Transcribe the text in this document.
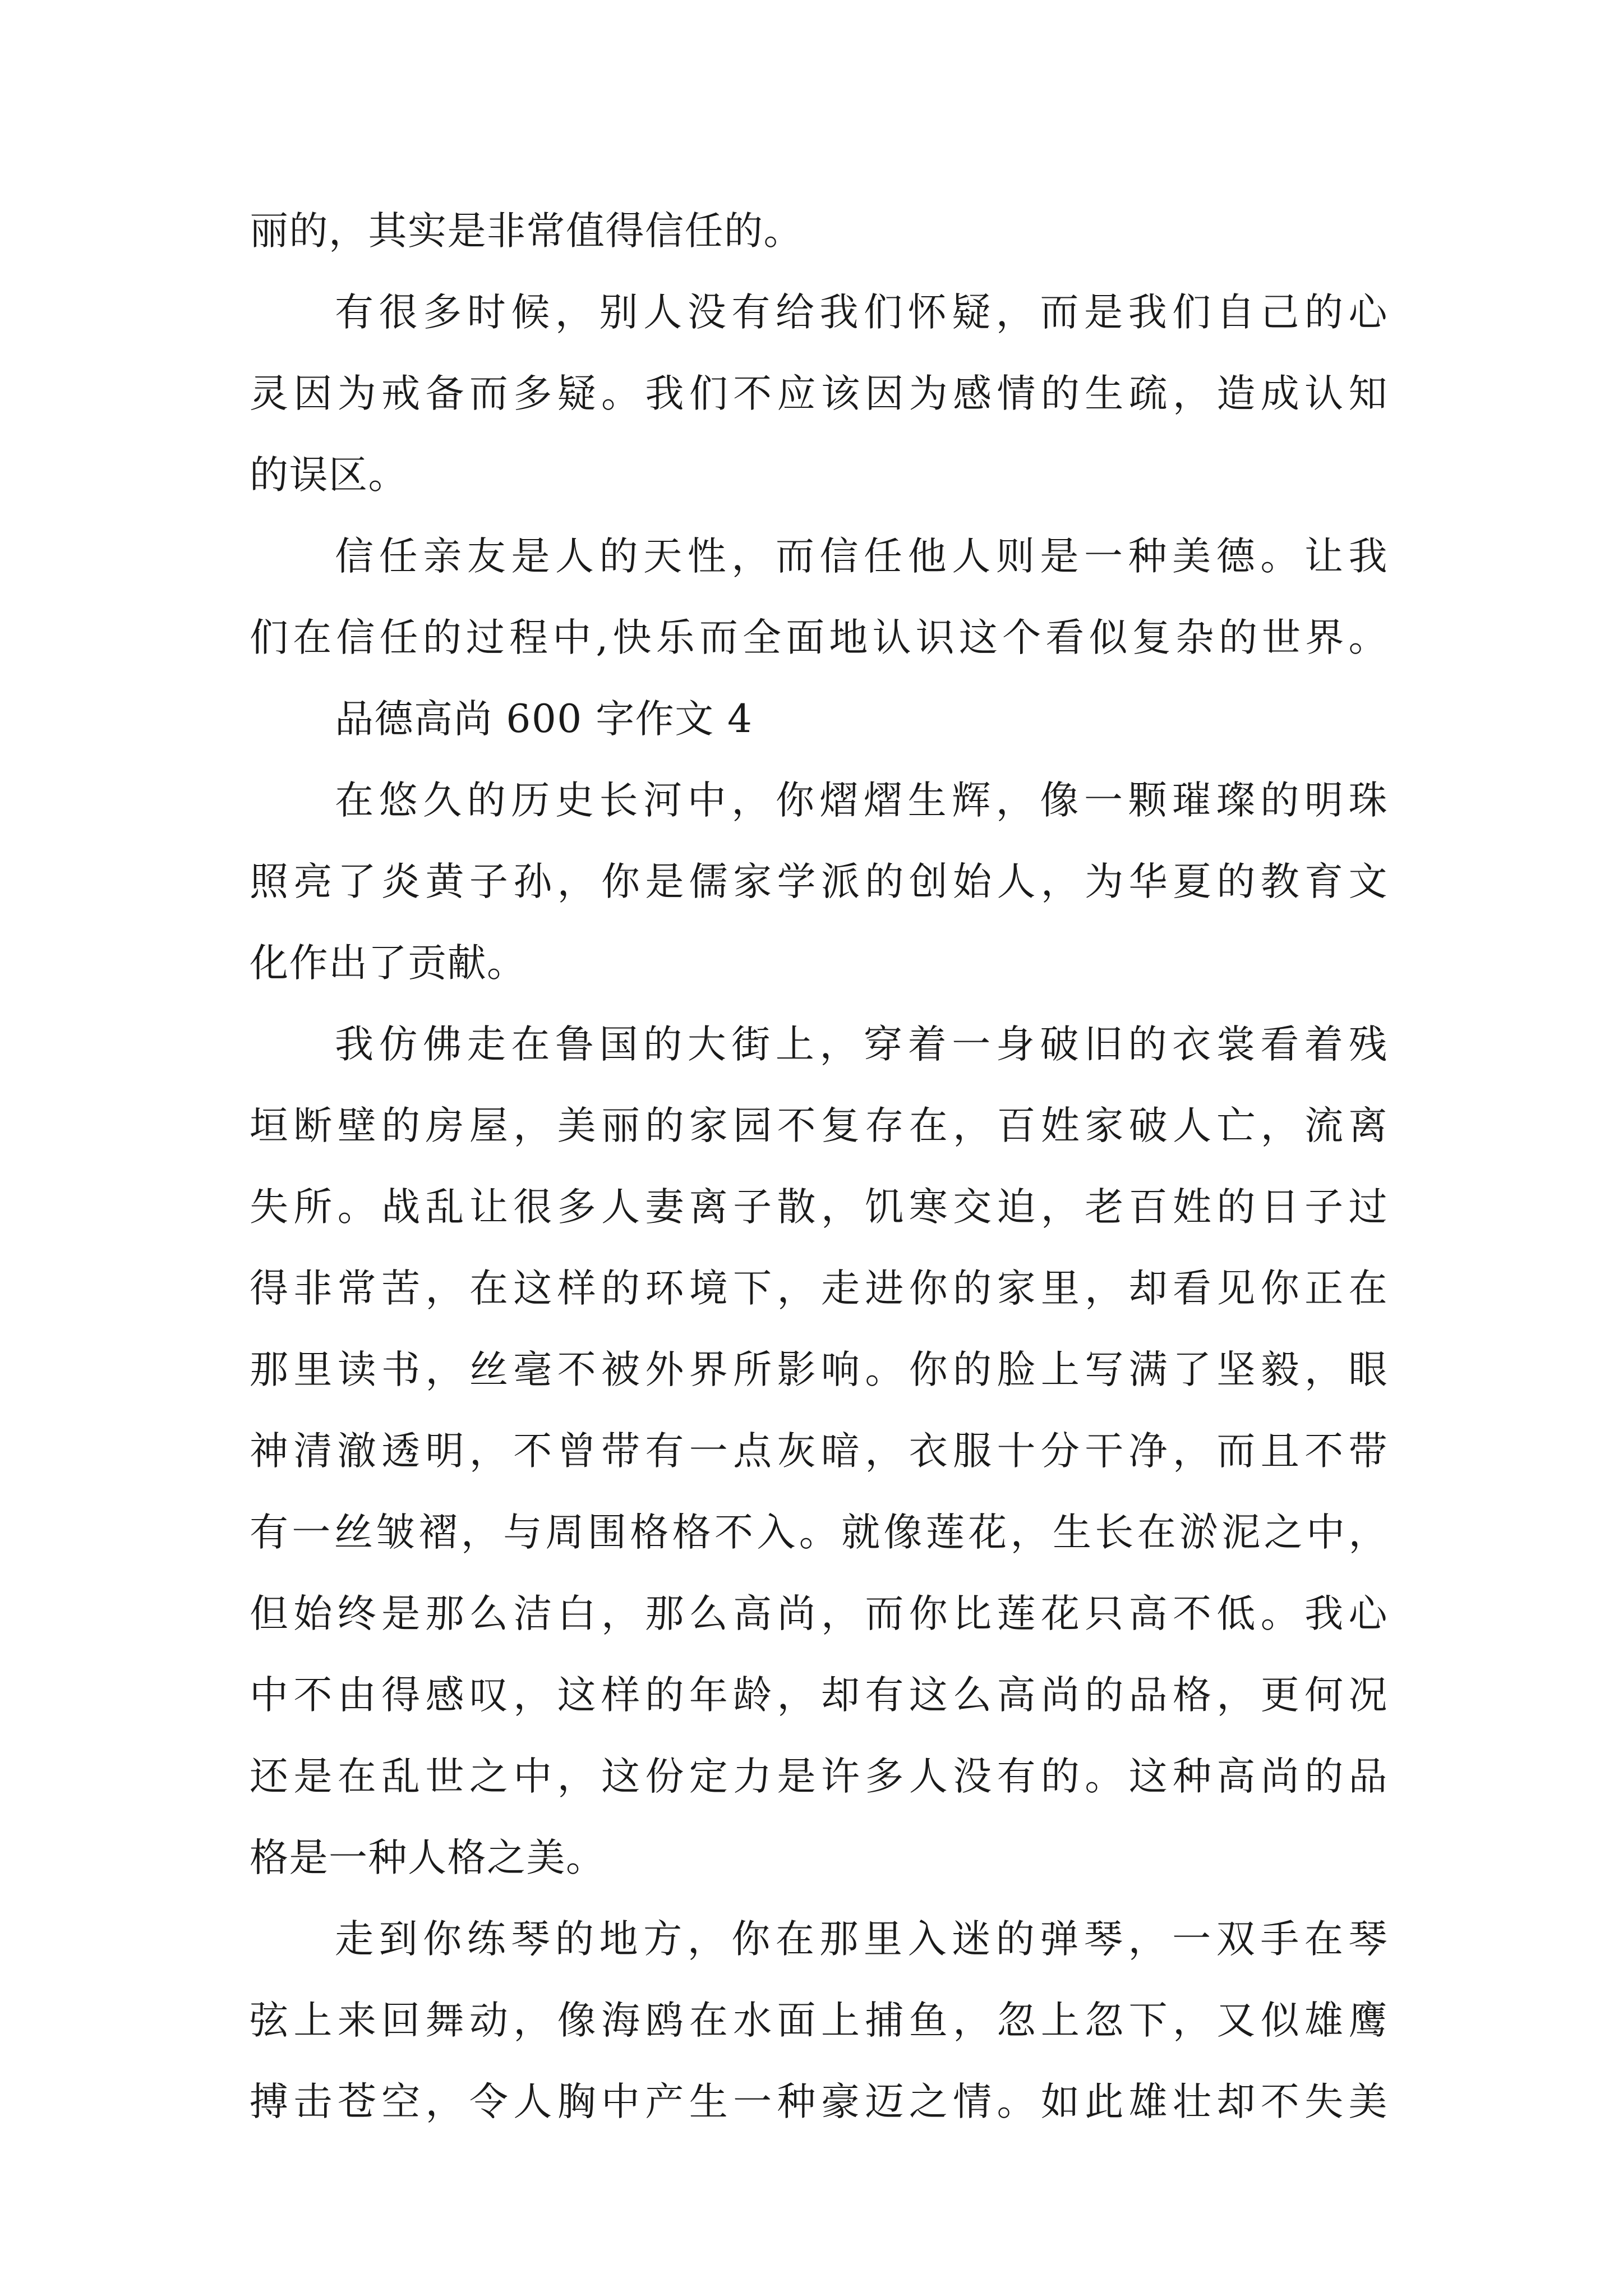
丽的，其实是非常值得信任的。
有很多时候，别人没有给我们怀疑，而是我们自己的心
灵因为戒备而多疑。我们不应该因为感情的生疏，造成认知
的误区。
信任亲友是人的天性，而信任他人则是一种美德。让我
们在信任的过程中,快乐而全面地认识这个看似复杂的世界。
品德高尚 600 字作文 4
在悠久的历史长河中，你熠熠生辉，像一颗璀璨的明珠
照亮了炎黄子孙，你是儒家学派的创始人，为华夏的教育文
化作出了贡献。
我仿佛走在鲁国的大街上，穿着一身破旧的衣裳看着残
垣断壁的房屋，美丽的家园不复存在，百姓家破人亡，流离
失所。战乱让很多人妻离子散，饥寒交迫，老百姓的日子过
得非常苦，在这样的环境下，走进你的家里，却看见你正在
那里读书，丝毫不被外界所影响。你的脸上写满了坚毅，眼
神清澈透明，不曾带有一点灰暗，衣服十分干净，而且不带
有一丝皱褶，与周围格格不入。就像莲花，生长在淤泥之中，
但始终是那么洁白，那么高尚，而你比莲花只高不低。我心
中不由得感叹，这样的年龄，却有这么高尚的品格，更何况
还是在乱世之中，这份定力是许多人没有的。这种高尚的品
格是一种人格之美。
走到你练琴的地方，你在那里入迷的弹琴，一双手在琴
弦上来回舞动，像海鸥在水面上捕鱼，忽上忽下，又似雄鹰
搏击苍空，令人胸中产生一种豪迈之情。如此雄壮却不失美
